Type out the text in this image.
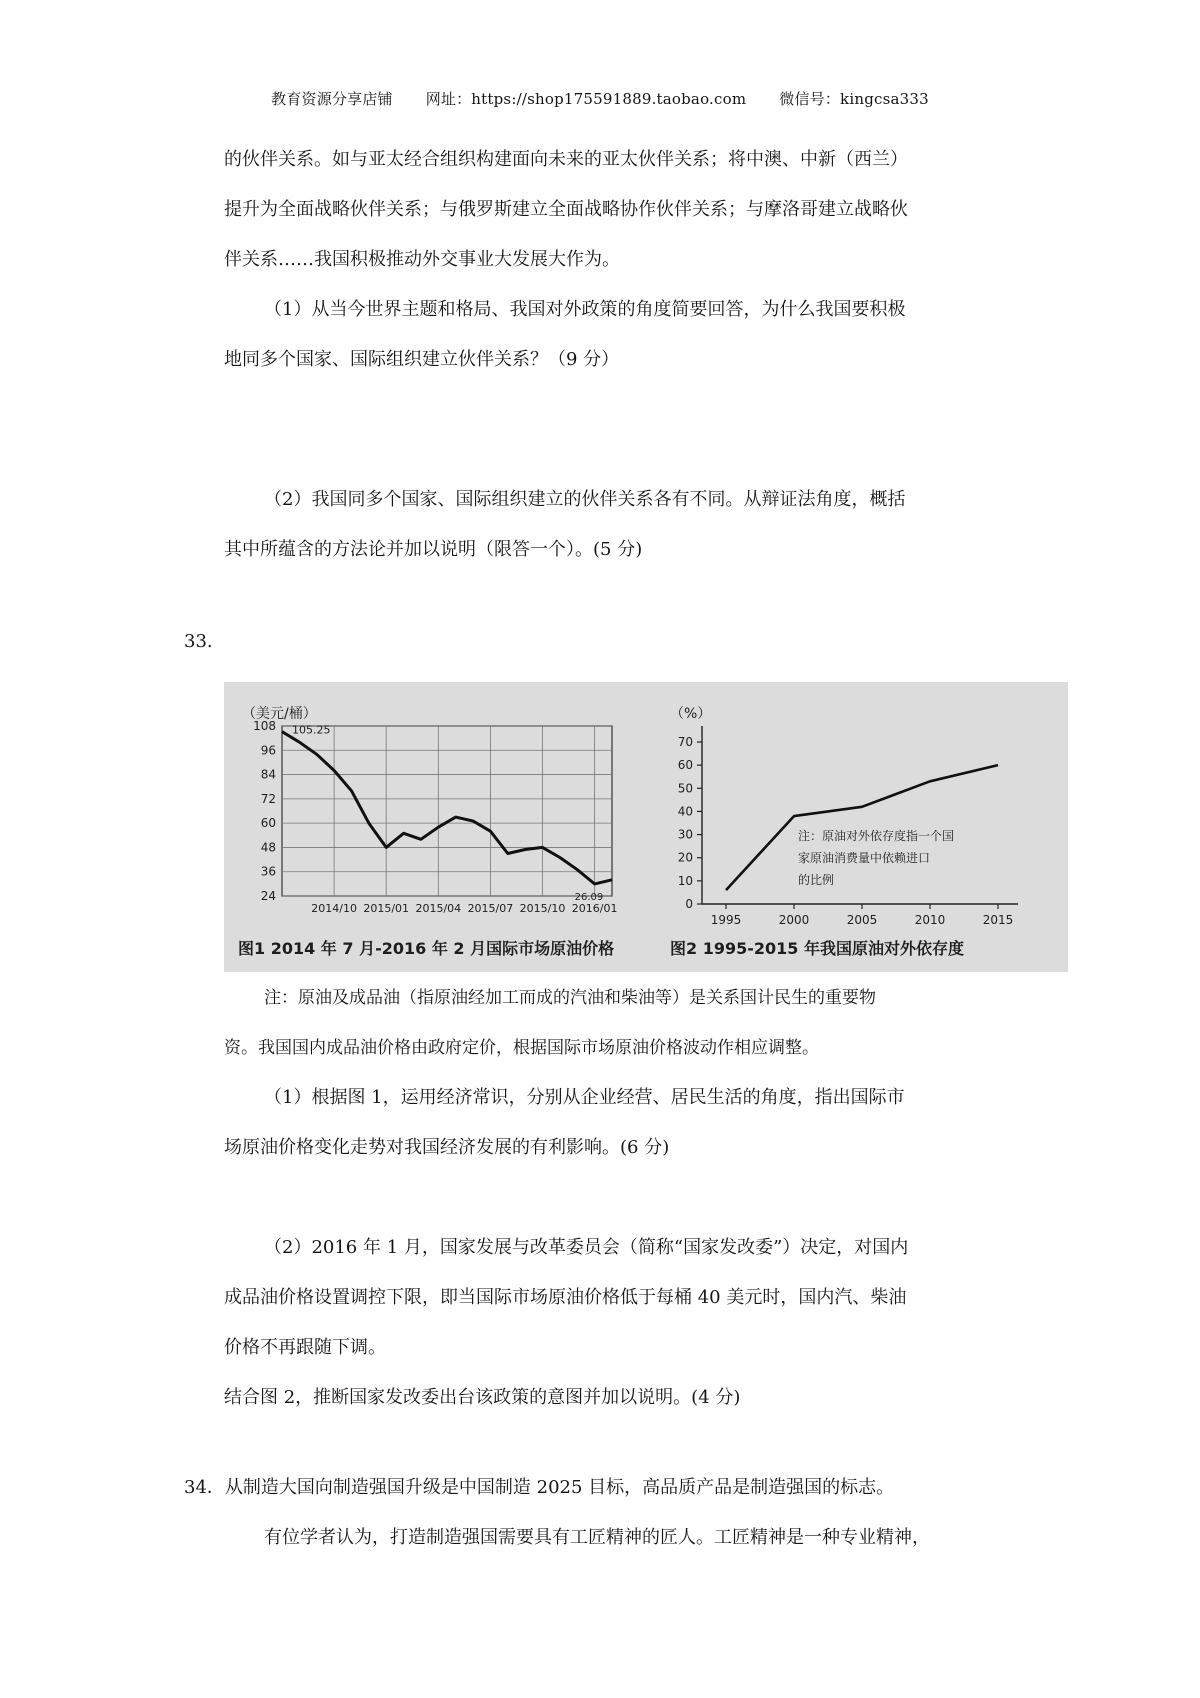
教育资源分享店铺 网址：https://shop175591889.taobao.com 微信号：kingcsa333
的伙伴关系。如与亚太经合组织构建面向未来的亚太伙伴关系；将中澳、中新（西兰）
提升为全面战略伙伴关系；与俄罗斯建立全面战略协作伙伴关系；与摩洛哥建立战略伙
伴关系……我国积极推动外交事业大发展大作为。
（1）从当今世界主题和格局、我国对外政策的角度简要回答，为什么我国要积极
地同多个国家、国际组织建立伙伴关系？（9 分）
（2）我国同多个国家、国际组织建立的伙伴关系各有不同。从辩证法角度，概括
其中所蕴含的方法论并加以说明（限答一个）。(5 分)
33.
（美元/桶）
24
36
48
60
72
84
96
108
2014/10 2015/01 2015/04 2015/07 2015/10 2016/01
105.25
26.09
图1 2014 年 7 月-2016 年 2 月国际市场原油价格
（%）
0
10
20
30
40
50
60
70
1995	2000	2005	2010	2015
注：原油对外依存度指一个国
家原油消费量中依赖进口
的比例
图2 1995-2015 年我国原油对外依存度
注：原油及成品油（指原油经加工而成的汽油和柴油等）是关系国计民生的重要物
资。我国国内成品油价格由政府定价，根据国际市场原油价格波动作相应调整。
（1）根据图 1，运用经济常识，分别从企业经营、居民生活的角度，指出国际市
场原油价格变化走势对我国经济发展的有利影响。(6 分)
（2）2016 年 1 月，国家发展与改革委员会（简称“国家发改委”）决定，对国内
成品油价格设置调控下限，即当国际市场原油价格低于每桶 40 美元时，国内汽、柴油
价格不再跟随下调。
结合图 2，推断国家发改委出台该政策的意图并加以说明。(4 分)
34．从制造大国向制造强国升级是中国制造 2025 目标，高品质产品是制造强国的标志。
有位学者认为，打造制造强国需要具有工匠精神的匠人。工匠精神是一种专业精神，
